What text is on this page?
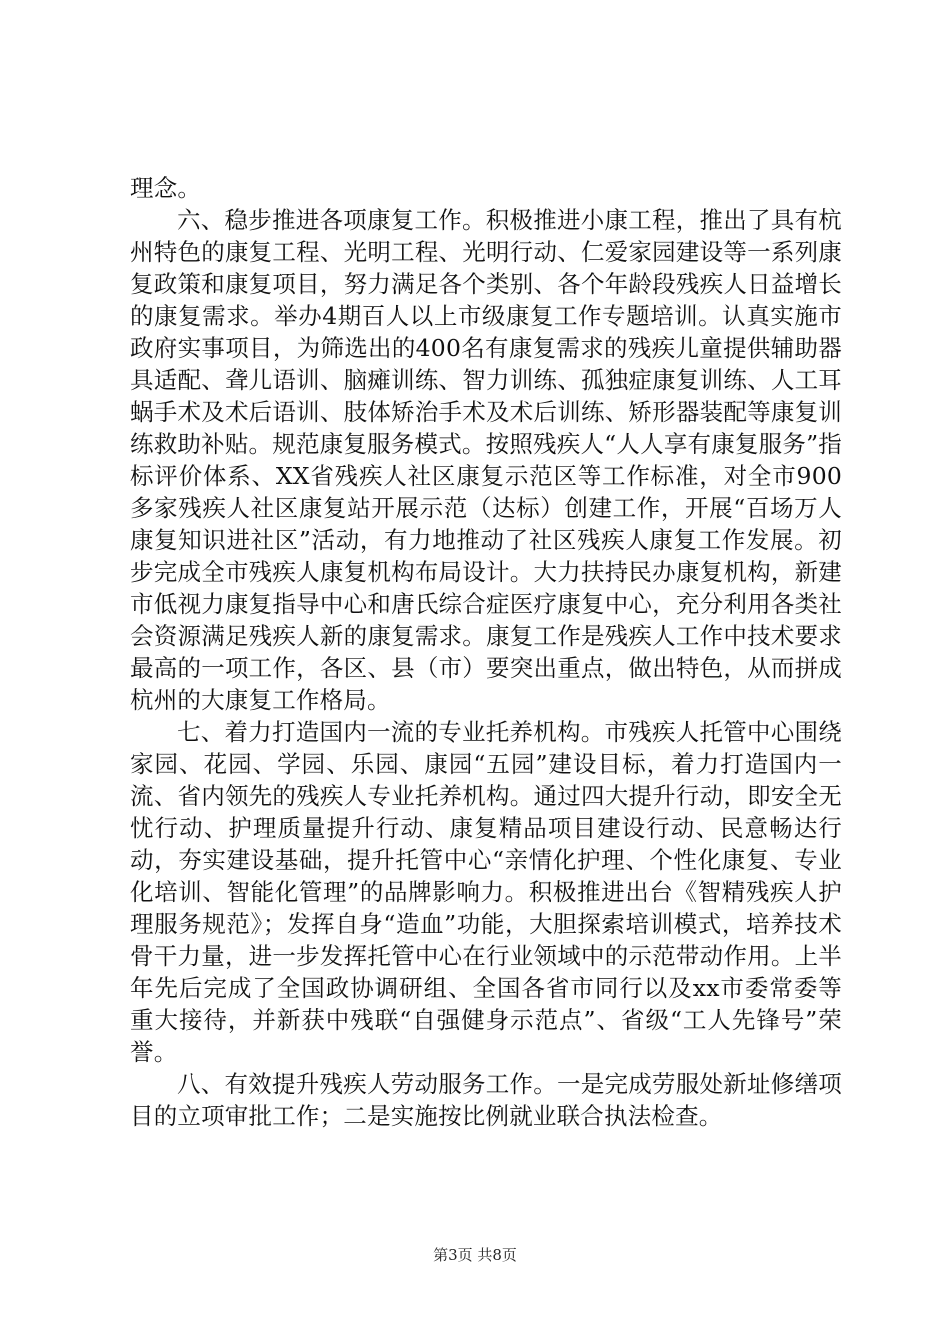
理念。

六、稳步推进各项康复工作。积极推进小康工程，推出了具有杭州特色的康复工程、光明工程、光明行动、仁爱家园建设等一系列康复政策和康复项目，努力满足各个类别、各个年龄段残疾人日益增长的康复需求。举办4期百人以上市级康复工作专题培训。认真实施市政府实事项目，为筛选出的400名有康复需求的残疾儿童提供辅助器具适配、聋儿语训、脑瘫训练、智力训练、孤独症康复训练、人工耳蜗手术及术后语训、肢体矫治手术及术后训练、矫形器装配等康复训练救助补贴。规范康复服务模式。按照残疾人“人人享有康复服务”指标评价体系、XX省残疾人社区康复示范区等工作标准，对全市900多家残疾人社区康复站开展示范（达标）创建工作，开展“百场万人康复知识进社区”活动，有力地推动了社区残疾人康复工作发展。初步完成全市残疾人康复机构布局设计。大力扶持民办康复机构，新建市低视力康复指导中心和唐氏综合症医疗康复中心，充分利用各类社会资源满足残疾人新的康复需求。康复工作是残疾人工作中技术要求最高的一项工作，各区、县（市）要突出重点，做出特色，从而拼成杭州的大康复工作格局。

七、着力打造国内一流的专业托养机构。市残疾人托管中心围绕家园、花园、学园、乐园、康园“五园”建设目标，着力打造国内一流、省内领先的残疾人专业托养机构。通过四大提升行动，即安全无忧行动、护理质量提升行动、康复精品项目建设行动、民意畅达行动，夯实建设基础，提升托管中心“亲情化护理、个性化康复、专业化培训、智能化管理”的品牌影响力。积极推进出台《智精残疾人护理服务规范》；发挥自身“造血”功能，大胆探索培训模式，培养技术骨干力量，进一步发挥托管中心在行业领域中的示范带动作用。上半年先后完成了全国政协调研组、全国各省市同行以及xx市委常委等重大接待，并新获中残联“自强健身示范点”、省级“工人先锋号”荣誉。

八、有效提升残疾人劳动服务工作。一是完成劳服处新址修缮项目的立项审批工作；二是实施按比例就业联合执法检查。

第3页 共8页
